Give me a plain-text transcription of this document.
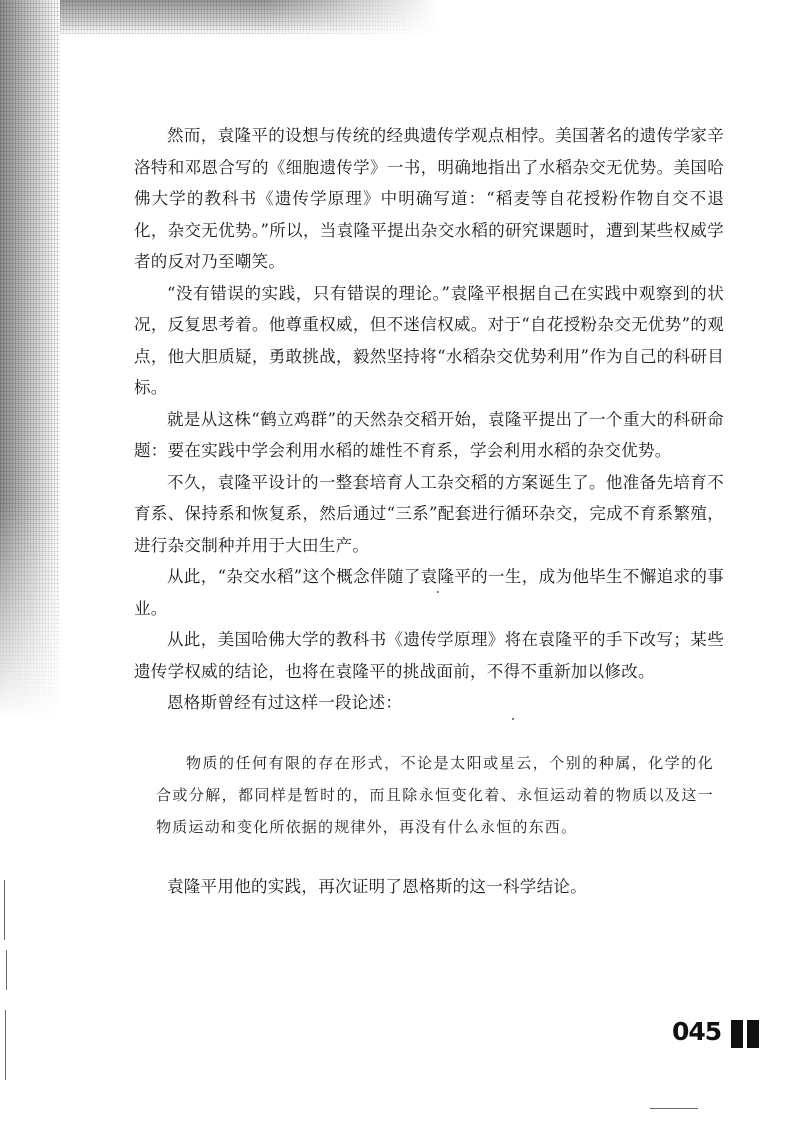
然而，袁隆平的设想与传统的经典遗传学观点相悖。美国著名的遗传学家辛洛特和邓恩合写的《细胞遗传学》一书，明确地指出了水稻杂交无优势。美国哈佛大学的教科书《遗传学原理》中明确写道：“稻麦等自花授粉作物自交不退化，杂交无优势。”所以，当袁隆平提出杂交水稻的研究课题时，遭到某些权威学者的反对乃至嘲笑。

“没有错误的实践，只有错误的理论。”袁隆平根据自己在实践中观察到的状况，反复思考着。他尊重权威，但不迷信权威。对于“自花授粉杂交无优势”的观点，他大胆质疑，勇敢挑战，毅然坚持将“水稻杂交优势利用”作为自己的科研目标。

就是从这株“鹤立鸡群”的天然杂交稻开始，袁隆平提出了一个重大的科研命题：要在实践中学会利用水稻的雄性不育系，学会利用水稻的杂交优势。

不久，袁隆平设计的一整套培育人工杂交稻的方案诞生了。他准备先培育不育系、保持系和恢复系，然后通过“三系”配套进行循环杂交，完成不育系繁殖，进行杂交制种并用于大田生产。

从此，“杂交水稻”这个概念伴随了袁隆平的一生，成为他毕生不懈追求的事业。

从此，美国哈佛大学的教科书《遗传学原理》将在袁隆平的手下改写；某些遗传学权威的结论，也将在袁隆平的挑战面前，不得不重新加以修改。

恩格斯曾经有过这样一段论述：

物质的任何有限的存在形式，不论是太阳或星云，个别的种属，化学的化合或分解，都同样是暂时的，而且除永恒变化着、永恒运动着的物质以及这一物质运动和变化所依据的规律外，再没有什么永恒的东西。

袁隆平用他的实践，再次证明了恩格斯的这一科学结论。

045
